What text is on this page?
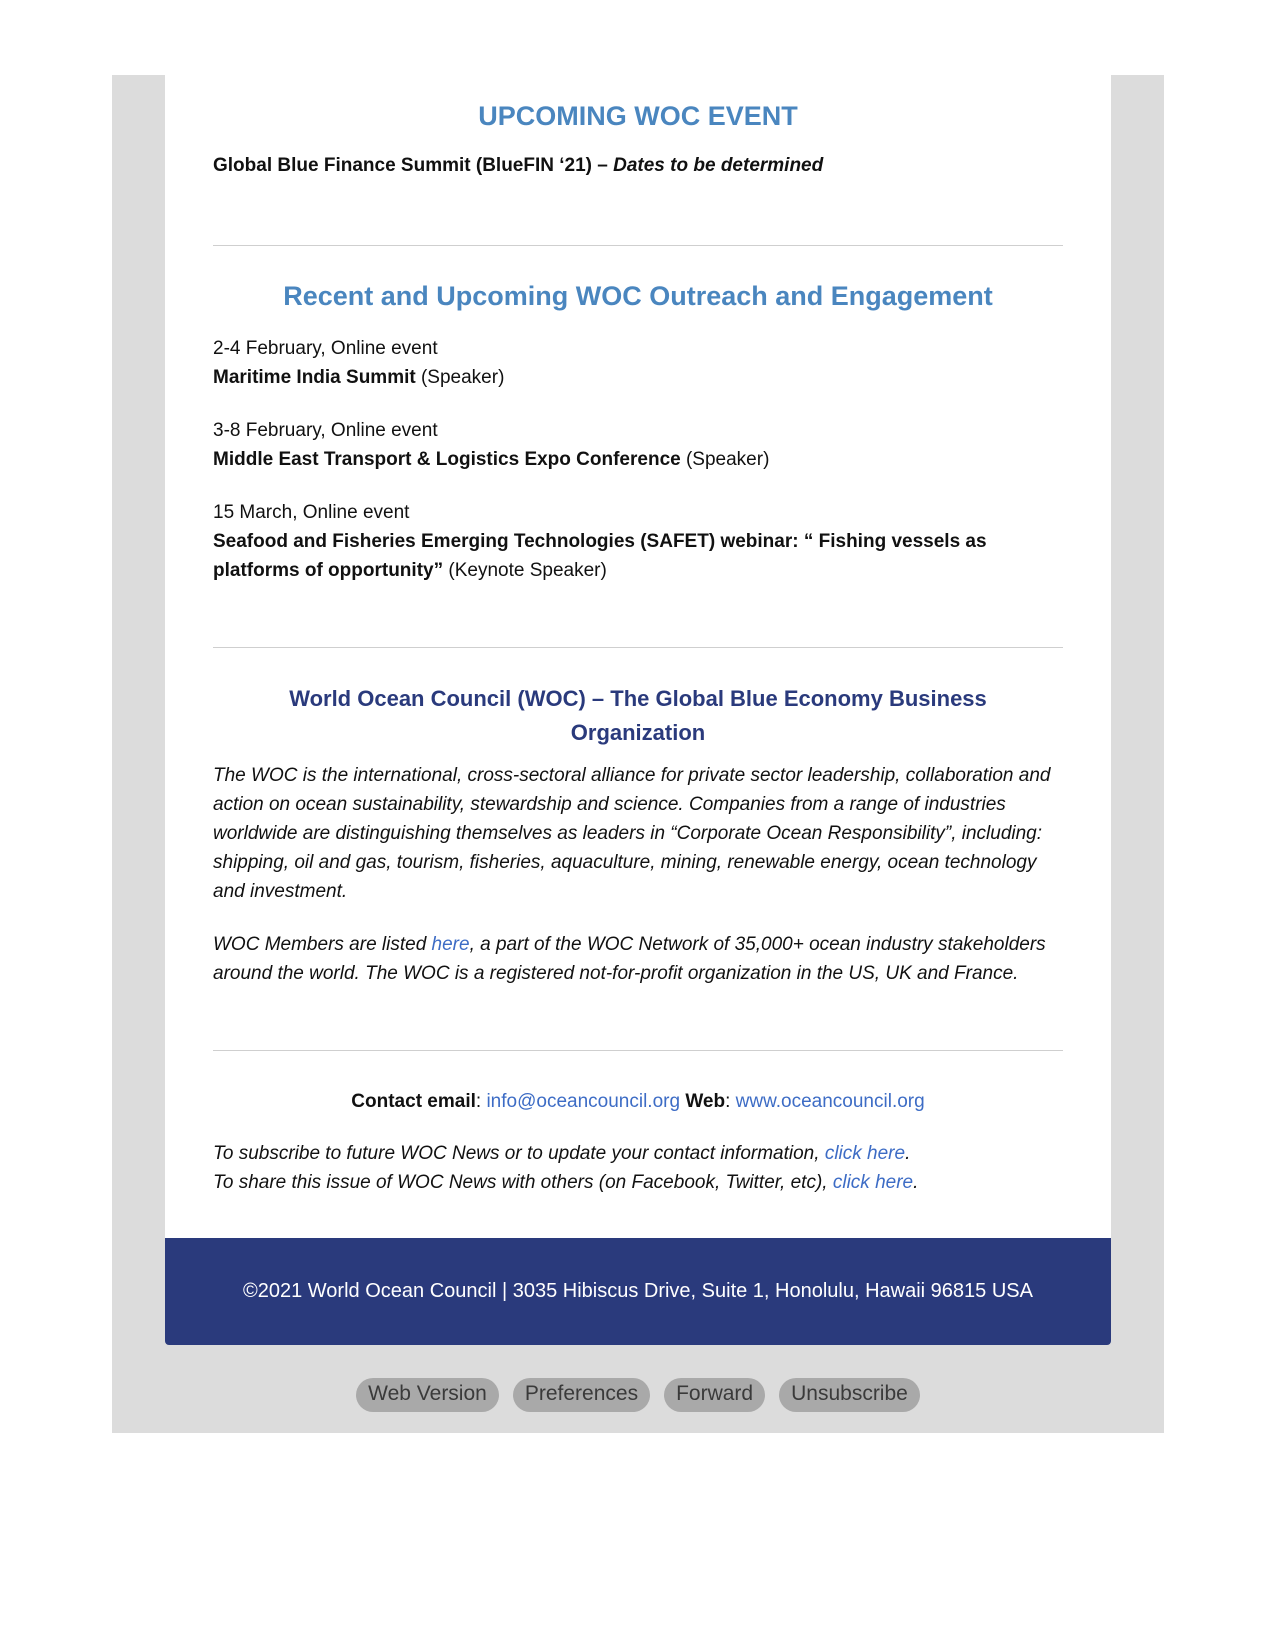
UPCOMING WOC EVENT

Global Blue Finance Summit (BlueFIN ‘21) – Dates to be determined

Recent and Upcoming WOC Outreach and Engagement
2-4 February, Online event
Maritime India Summit (Speaker)
3-8 February, Online event
Middle East Transport & Logistics Expo Conference (Speaker)
15 March, Online event
Seafood and Fisheries Emerging Technologies (SAFET) webinar: “ Fishing vessels as platforms of opportunity” (Keynote Speaker)
World Ocean Council (WOC) – The Global Blue Economy Business Organization

The WOC is the international, cross-sectoral alliance for private sector leadership, collaboration and action on ocean sustainability, stewardship and science. Companies from a range of industries worldwide are distinguishing themselves as leaders in “Corporate Ocean Responsibility”, including: shipping, oil and gas, tourism, fisheries, aquaculture, mining, renewable energy, ocean technology and investment.

WOC Members are listed here, a part of the WOC Network of 35,000+ ocean industry stakeholders around the world. The WOC is a registered not-for-profit organization in the US, UK and France.

Contact email: info@oceancouncil.org Web: www.oceancouncil.org
To subscribe to future WOC News or to update your contact information, click here.
To share this issue of WOC News with others (on Facebook, Twitter, etc), click here.
©2021 World Ocean Council | 3035 Hibiscus Drive, Suite 1, Honolulu, Hawaii 96815 USA
Web Version Preferences Forward Unsubscribe
